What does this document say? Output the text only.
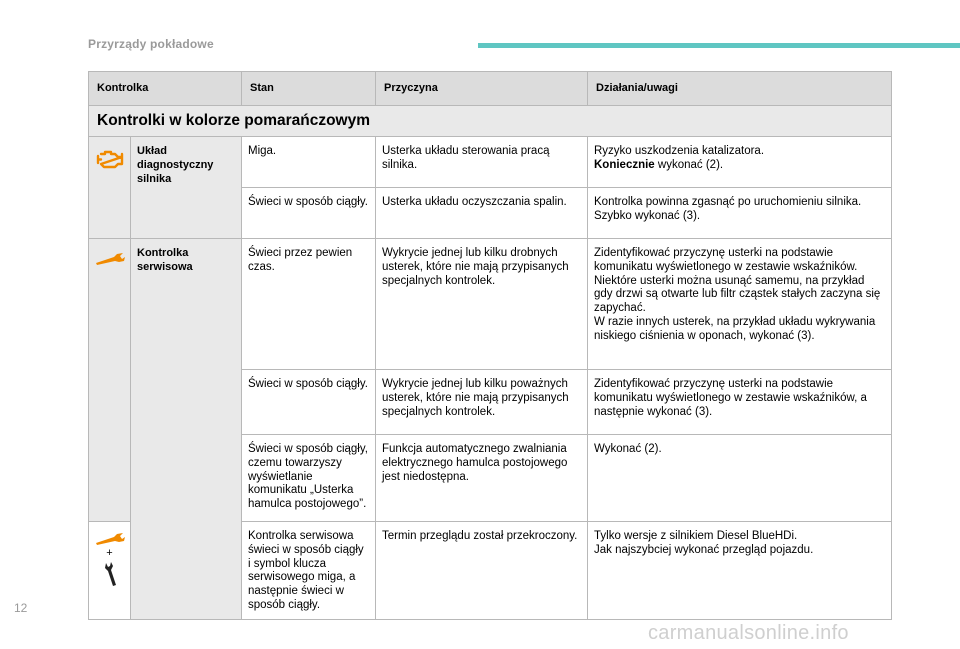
Przyrządy pokładowe
Kontrolka		Stan	Przyczyna	Działania/uwagi
Kontrolki w kolorze pomarańczowym				

	Układ diagnostyczny silnika	Miga.	Usterka układu sterowania pracą silnika.	Ryzyko uszkodzenia katalizatora.
Koniecznie wykonać (2).

		Świeci w sposób ciągły.	Usterka układu oczyszczania spalin.	Kontrolka powinna zgasnąć po uruchomieniu silnika. Szybko wykonać (3).

	Kontrolka serwisowa	Świeci przez pewien czas.	Wykrycie jednej lub kilku drobnych usterek, które nie mają przypisanych specjalnych kontrolek.	Zidentyfikować przyczynę usterki na podstawie komunikatu wyświetlonego w zestawie wskaźników.
Niektóre usterki można usunąć samemu, na przykład gdy drzwi są otwarte lub filtr cząstek stałych zaczyna się zapychać.
W razie innych usterek, na przykład układu wykrywania niskiego ciśnienia w oponach, wykonać (3).

		Świeci w sposób ciągły.	Wykrycie jednej lub kilku poważnych usterek, które nie mają przypisanych specjalnych kontrolek.	Zidentyfikować przyczynę usterki na podstawie komunikatu wyświetlonego w zestawie wskaźników, a następnie wykonać (3).
		Świeci w sposób ciągły, czemu towarzyszy wyświetlanie komunikatu „Usterka hamulca postojowego”.	Funkcja automatycznego zwalniania elektrycznego hamulca postojowego jest niedostępna.	Wykonać (2).

+		Kontrolka serwisowa świeci w sposób ciągły i symbol klucza serwisowego miga, a następnie świeci w sposób ciągły.	Termin przeglądu został przekroczony.	Tylko wersje z silnikiem Diesel BlueHDi.
Jak najszybciej wykonać przegląd pojazdu.
12
carmanualsonline.info
